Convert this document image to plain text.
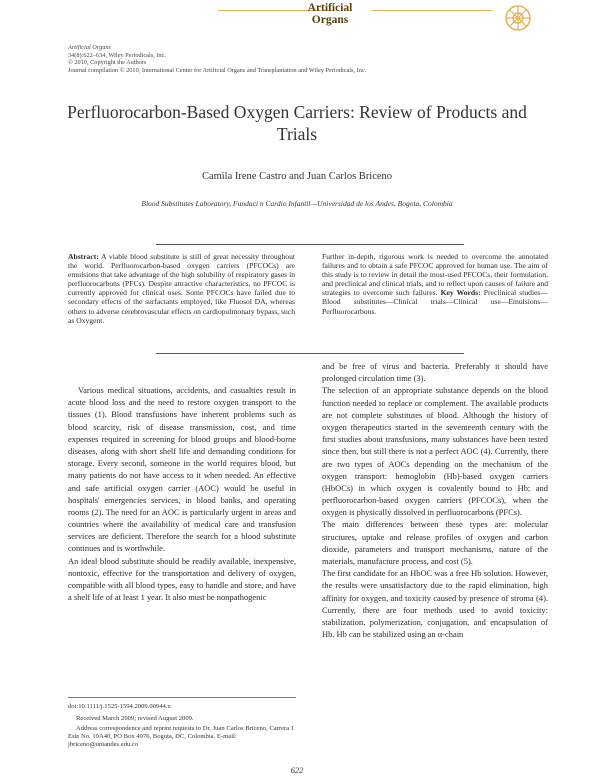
Artificial
Organs
Artificial Organs
34(8):622–634, Wiley Periodicals, Inc.
© 2010, Copyright the Authors
Journal compilation © 2010, International Center for Artificial Organs and Transplantation and Wiley Periodicals, Inc.
Perfluorocarbon-Based Oxygen Carriers: Review of Products and Trials
Camila Irene Castro and Juan Carlos Briceno
Blood Substitutes Laboratory, Fundaci n Cardio Infantil—Universidad de los Andes, Bogota, Colombia
Abstract: A viable blood substitute is still of great necessity throughout the world. Perfluorocarbon-based oxygen carriers (PFCOCs) are emulsions that take advantage of the high solubility of respiratory gases in perfluorocarbons (PFCs). Despite attractive characteristics, no PFCOC is currently approved for clinical uses. Some PFCOCs have failed due to secondary effects of the surfactants employed, like Fluosol DA, whereas others to adverse cerebrovascular effects on cardiopulmonary bypass, such as Oxygent.
Further in-depth, rigorous work is needed to overcome the annotated failures and to obtain a safe PFCOC approved for human use. The aim of this study is to review in detail the most-used PFCOCs, their formulation, and preclinical and clinical trials, and to reflect upon causes of failure and strategies to overcome such failures. Key Words: Preclinical studies—Blood substitutes—Clinical trials—Clinical use—Emulsions—Perfluorocarbons.
Various medical situations, accidents, and casualties result in acute blood loss and the need to restore oxygen transport to the tissues (1). Blood transfusions have inherent problems such as blood scarcity, risk of disease transmission, cost, and time expenses required in screening for blood groups and blood-borne diseases, along with short shelf life and demanding conditions for storage. Every second, someone in the world requires blood, but many patients do not have access to it when needed. An effective and safe artificial oxygen carrier (AOC) would be useful in hospitals' emergencies services, in blood banks, and operating rooms (2). The need for an AOC is particularly urgent in areas and countries where the availability of medical care and transfusion services are deficient. Therefore the search for a blood substitute continues and is worthwhile.
An ideal blood substitute should be readily available, inexpensive, nontoxic, effective for the transportation and delivery of oxygen, compatible with all blood types, easy to handle and store, and have a shelf life of at least 1 year. It also must be nonpathogenic
and be free of virus and bacteria. Preferably it should have prolonged circulation time (3).
The selection of an appropriate substance depends on the blood function needed to replace or complement. The available products are not complete substitutes of blood. Although the history of oxygen therapeutics started in the seventeenth century with the first studies about transfusions, many substances have been tested since then, but still there is not a perfect AOC (4). Currently, there are two types of AOCs depending on the mechanism of the oxygen transport: hemoglobin (Hb)-based oxygen carriers (HbOCs) in which oxygen is covalently bound to Hb; and perfluorocarbon-based oxygen carriers (PFCOCs), when the oxygen is physically dissolved in perfluorocarbons (PFCs).
The main differences between these types are: molecular structures, uptake and release profiles of oxygen and carbon dioxide, parameters and transport mechanisms, nature of the materials, manufacture process, and cost (5).
The first candidate for an HbOC was a free Hb solution. However, the results were unsatisfactory due to the rapid elimination, high affinity for oxygen, and toxicity caused by presence of stroma (4). Currently, there are four methods used to avoid toxicity: stabilization, polymerization, conjugation, and encapsulation of Hb. Hb can be stabilized using an α-chain
doi:10.1111/j.1525-1594.2009.00944.x
Received March 2009; revised August 2009.
Address correspondence and reprint requests to Dr. Juan Carlos Briceno, Carrera 1 Este No. 19A40, PO Box 4976, Bogota, DC, Colombia. E-mail: jbriceno@uniandes.edu.co
622
